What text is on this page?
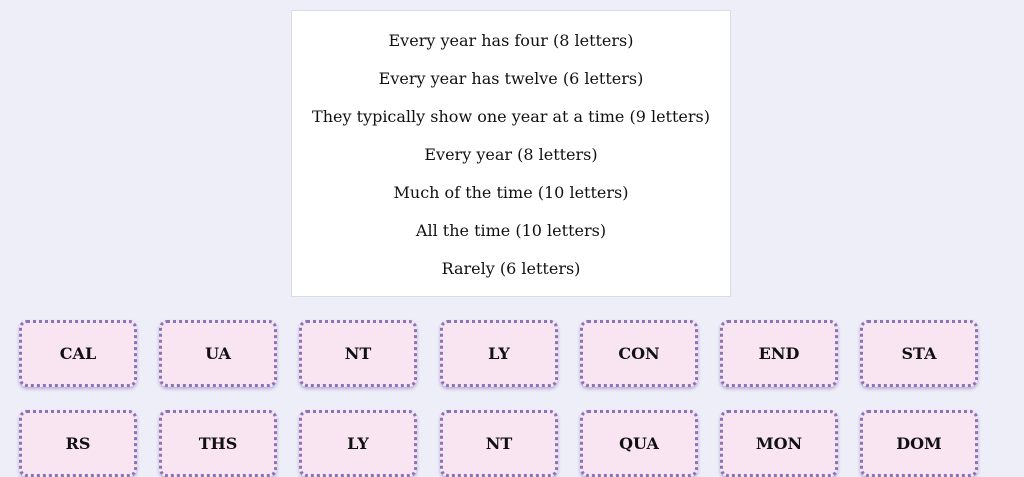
Every year has four (8 letters)
Every year has twelve (6 letters)
They typically show one year at a time (9 letters)
Every year (8 letters)
Much of the time (10 letters)
All the time (10 letters)
Rarely (6 letters)
CAL	UA	NT	LY	CON	END	STA
RS	THS	LY	NT	QUA	MON	DOM
